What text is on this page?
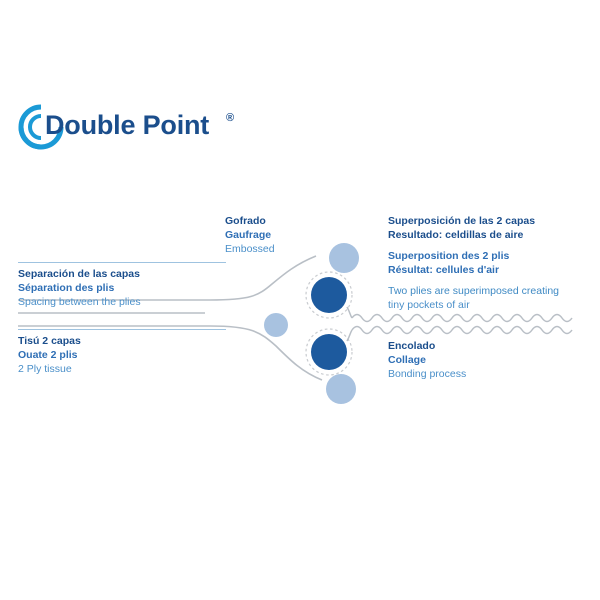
Double Point ®
Separación de las capas
Séparation des plis
Spacing between the plies
Tisú 2 capas
Ouate 2 plis
2 Ply tissue
Gofrado
Gaufrage
Embossed
Superposición de las 2 capas
Resultado: celdillas de aire
Superposition des 2 plis
Résultat: cellules d'air
Two plies are superimposed creating
tiny pockets of air
Encolado
Collage
Bonding process
